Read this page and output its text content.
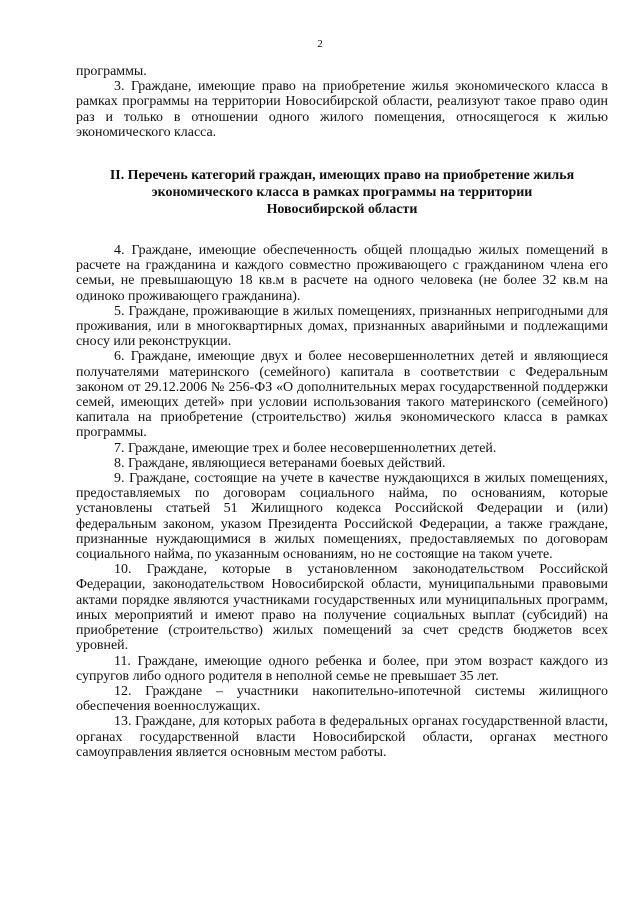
2

программы.

3. Граждане, имеющие право на приобретение жилья экономического класса в рамках программы на территории Новосибирской области, реализуют такое право один раз и только в отношении одного жилого помещения, относящегося к жилью экономического класса.

II. Перечень категорий граждан, имеющих право на приобретение жилья
экономического класса в рамках программы на территории
Новосибирской области

4. Граждане, имеющие обеспеченность общей площадью жилых помещений в расчете на гражданина и каждого совместно проживающего с гражданином члена его семьи, не превышающую 18 кв.м в расчете на одного человека (не более 32 кв.м на одиноко проживающего гражданина).

5. Граждане, проживающие в жилых помещениях, признанных непригодными для проживания, или в многоквартирных домах, признанных аварийными и подлежащими сносу или реконструкции.

6. Граждане, имеющие двух и более несовершеннолетних детей и являющиеся получателями материнского (семейного) капитала в соответствии с Федеральным законом от 29.12.2006 № 256-ФЗ «О дополнительных мерах государственной поддержки семей, имеющих детей» при условии использования такого материнского (семейного) капитала на приобретение (строительство) жилья экономического класса в рамках программы.

7. Граждане, имеющие трех и более несовершеннолетних детей.

8. Граждане, являющиеся ветеранами боевых действий.

9. Граждане, состоящие на учете в качестве нуждающихся в жилых помещениях, предоставляемых по договорам социального найма, по основаниям, которые установлены статьей 51 Жилищного кодекса Российской Федерации и (или) федеральным законом, указом Президента Российской Федерации, а также граждане, признанные нуждающимися в жилых помещениях, предоставляемых по договорам социального найма, по указанным основаниям, но не состоящие на таком учете.

10. Граждане, которые в установленном законодательством Российской Федерации, законодательством Новосибирской области, муниципальными правовыми актами порядке являются участниками государственных или муниципальных программ, иных мероприятий и имеют право на получение социальных выплат (субсидий) на приобретение (строительство) жилых помещений за счет средств бюджетов всех уровней.

11. Граждане, имеющие одного ребенка и более, при этом возраст каждого из супругов либо одного родителя в неполной семье не превышает 35 лет.

12. Граждане – участники накопительно-ипотечной системы жилищного обеспечения военнослужащих.

13. Граждане, для которых работа в федеральных органах государственной власти, органах государственной власти Новосибирской области, органах местного самоуправления является основным местом работы.
